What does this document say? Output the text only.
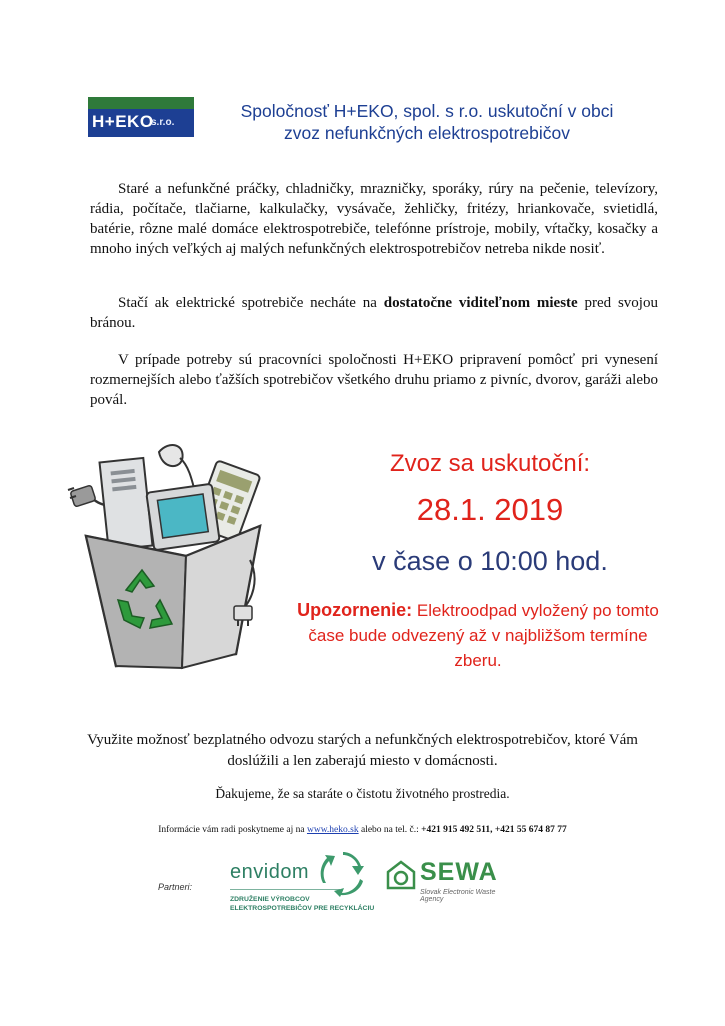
H+EKO
s.r.o.
Spoločnosť H+EKO, spol. s r.o. uskutoční v obci
zvoz nefunkčných elektrospotrebičov
Staré a nefunkčné práčky, chladničky, mrazničky, sporáky, rúry na pečenie, televízory, rádia, počítače, tlačiarne, kalkulačky, vysávače, žehličky, fritézy, hriankovače, svietidlá, batérie, rôzne malé domáce elektrospotrebiče, telefónne prístroje, mobily, vŕtačky, kosačky a mnoho iných veľkých aj malých nefunkčných elektrospotrebičov netreba nikde nosiť.
Stačí ak elektrické spotrebiče necháte na dostatočne viditeľnom mieste pred svojou bránou.
V prípade potreby sú pracovníci spoločnosti H+EKO pripravení pomôcť pri vynesení rozmernejších alebo ťažších spotrebičov všetkého druhu priamo z pivníc, dvorov, garáži alebo povál.
Zvoz sa uskutoční:
28.1. 2019
v čase o 10:00 hod.
Upozornenie: Elektroodpad vyložený po tomto čase bude odvezený až v najbližšom termíne zberu.
Využite možnosť bezplatného odvozu starých a nefunkčných elektrospotrebičov, ktoré Vám doslúžili a len zaberajú miesto v domácnosti.
Ďakujeme, že sa staráte o čistotu životného prostredia.
Informácie vám radi poskytneme aj na www.heko.sk alebo na tel. č.: +421 915 492 511, +421 55 674 87 77
Partneri:
envidom
ZDRUŽENIE VÝROBCOV
ELEKTROSPOTREBIČOV PRE RECYKLÁCIU
SEWA
Slovak Electronic Waste Agency
